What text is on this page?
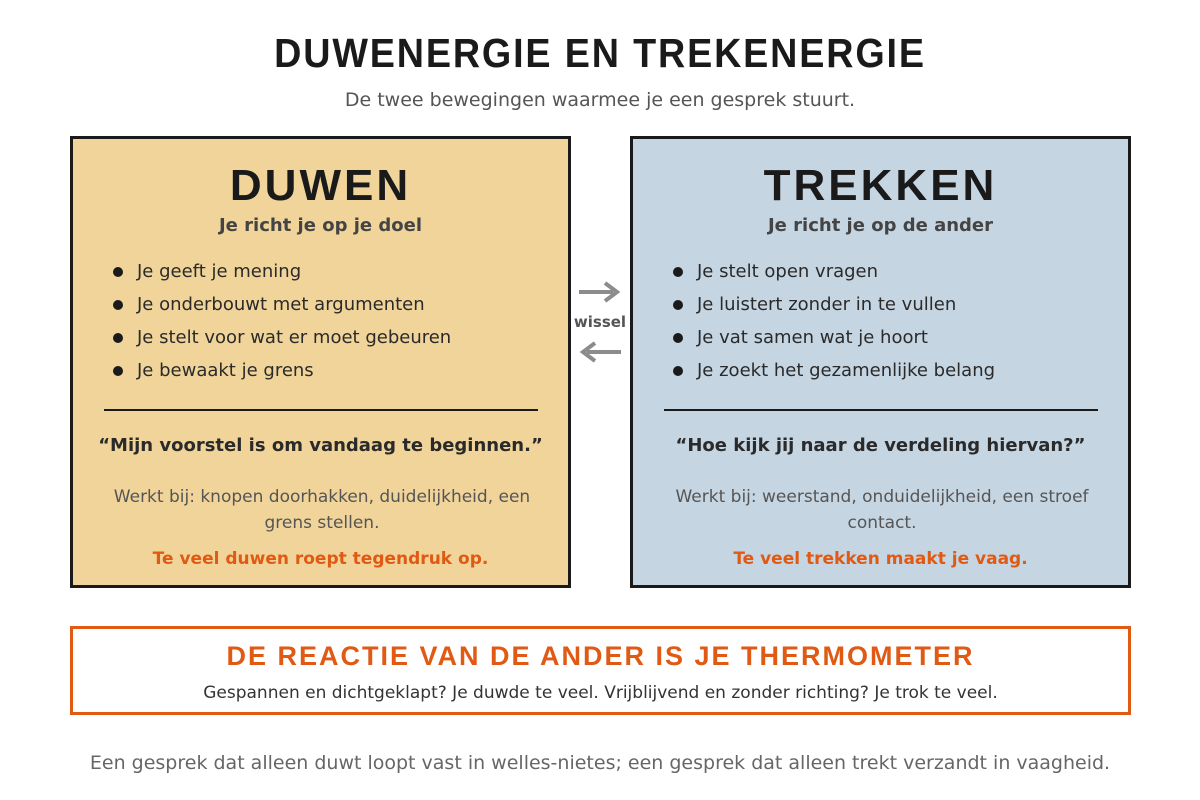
DUWENERGIE EN TREKENERGIE
De twee bewegingen waarmee je een gesprek stuurt.
DUWEN
Je richt je op je doel
Je geeft je mening
Je onderbouwt met argumenten
Je stelt voor wat er moet gebeuren
Je bewaakt je grens
“Mijn voorstel is om vandaag te beginnen.”
Werkt bij: knopen doorhakken, duidelijkheid, een grens stellen.
Te veel duwen roept tegendruk op.
wissel
TREKKEN
Je richt je op de ander
Je stelt open vragen
Je luistert zonder in te vullen
Je vat samen wat je hoort
Je zoekt het gezamenlijke belang
“Hoe kijk jij naar de verdeling hiervan?”
Werkt bij: weerstand, onduidelijkheid, een stroef contact.
Te veel trekken maakt je vaag.
DE REACTIE VAN DE ANDER IS JE THERMOMETER
Gespannen en dichtgeklapt? Je duwde te veel. Vrijblijvend en zonder richting? Je trok te veel.
Een gesprek dat alleen duwt loopt vast in welles-nietes; een gesprek dat alleen trekt verzandt in vaagheid.
